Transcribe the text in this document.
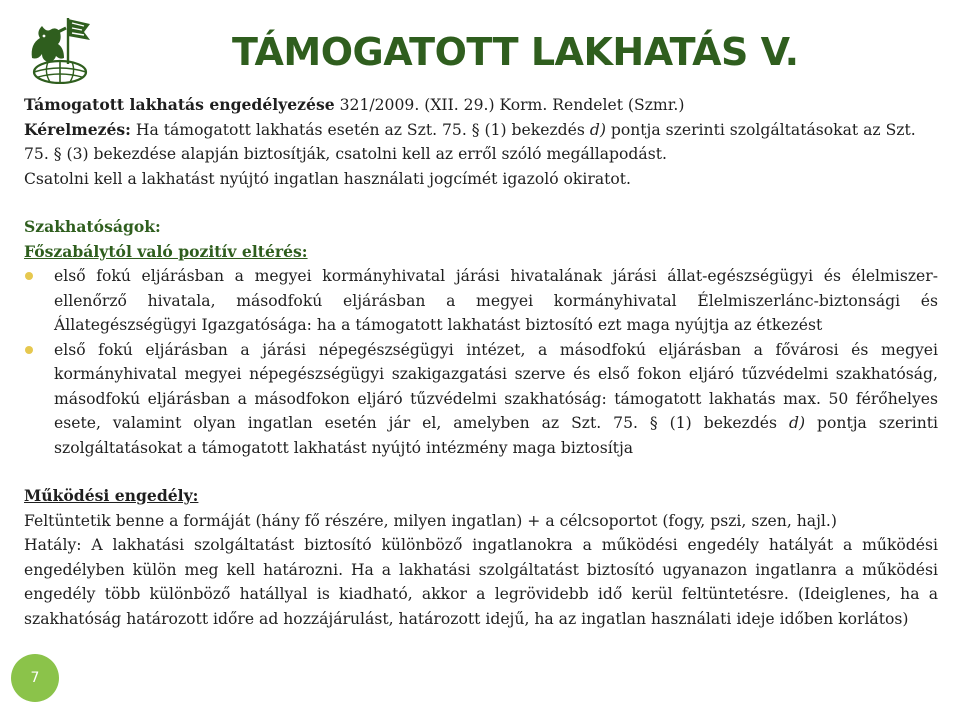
TÁMOGATOTT LAKHATÁS V.

Támogatott lakhatás engedélyezése 321/2009. (XII. 29.) Korm. Rendelet (Szmr.)

Kérelmezés: Ha támogatott lakhatás esetén az Szt. 75. § (1) bekezdés d) pontja szerinti szolgáltatásokat az Szt. 75. § (3) bekezdése alapján biztosítják, csatolni kell az erről szóló megállapodást.

Csatolni kell a lakhatást nyújtó ingatlan használati jogcímét igazoló okiratot.

Szakhatóságok:

Főszabálytól való pozitív eltérés:

első fokú eljárásban a megyei kormányhivatal járási hivatalának járási állat-egészségügyi és élelmiszer-ellenőrző hivatala, másodfokú eljárásban a megyei kormányhivatal Élelmiszerlánc-biztonsági és Állategészségügyi Igazgatósága: ha a támogatott lakhatást biztosító ezt maga nyújtja az étkezést
első fokú eljárásban a járási népegészségügyi intézet, a másodfokú eljárásban a fővárosi és megyei kormányhivatal megyei népegészségügyi szakigazgatási szerve és első fokon eljáró tűzvédelmi szakhatóság, másodfokú eljárásban a másodfokon eljáró tűzvédelmi szakhatóság: támogatott lakhatás max. 50 férőhelyes esete, valamint olyan ingatlan esetén jár el, amelyben az Szt. 75. § (1) bekezdés d) pontja szerinti szolgáltatásokat a támogatott lakhatást nyújtó intézmény maga biztosítja

Működési engedély:

Feltüntetik benne a formáját (hány fő részére, milyen ingatlan) + a célcsoportot (fogy, pszi, szen, hajl.)

Hatály: A lakhatási szolgáltatást biztosító különböző ingatlanokra a működési engedély hatályát a működési engedélyben külön meg kell határozni. Ha a lakhatási szolgáltatást biztosító ugyanazon ingatlanra a működési engedély több különböző hatállyal is kiadható, akkor a legrövidebb idő kerül feltüntetésre. (Ideiglenes, ha a szakhatóság határozott időre ad hozzájárulást, határozott idejű, ha az ingatlan használati ideje időben korlátos)

7
